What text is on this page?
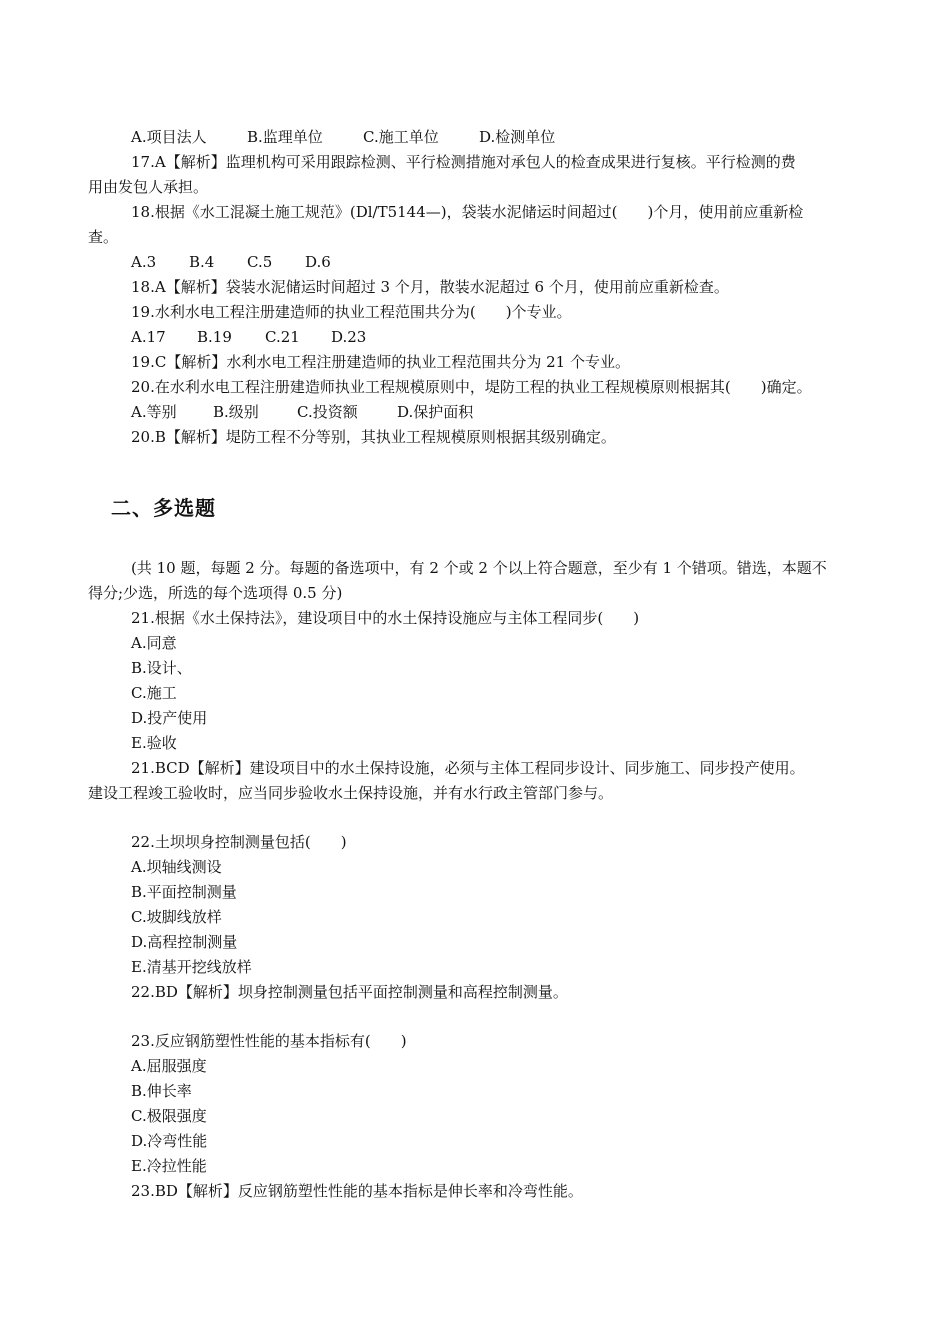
A.项目法人	B.监理单位	C.施工单位	D.检测单位
17.A【解析】监理机构可采用跟踪检测、平行检测措施对承包人的检查成果进行复核。平行检测的费
用由发包人承担。
18.根据《水工混凝土施工规范》(Dl/T5144—)，袋装水泥储运时间超过(　　)个月，使用前应重新检
查。
A.3 B.4 C.5 D.6
18.A【解析】袋装水泥储运时间超过 3 个月，散装水泥超过 6 个月，使用前应重新检查。
19.水利水电工程注册建造师的执业工程范围共分为(　　)个专业。
A.17 B.19 C.21 D.23
19.C【解析】水利水电工程注册建造师的执业工程范围共分为 21 个专业。
20.在水利水电工程注册建造师执业工程规模原则中，堤防工程的执业工程规模原则根据其(　　)确定。
A.等别 B.级别	C.投资额	D.保护面积
20.B【解析】堤防工程不分等别，其执业工程规模原则根据其级别确定。
二、多选题
(共 10 题，每题 2 分。每题的备选项中，有 2 个或 2 个以上符合题意，至少有 1 个错项。错选，本题不
得分;少选，所选的每个选项得 0.5 分)
21.根据《水土保持法》，建设项目中的水土保持设施应与主体工程同步(　　)
A.同意
B.设计、
C.施工
D.投产使用
E.验收
21.BCD【解析】建设项目中的水土保持设施，必须与主体工程同步设计、同步施工、同步投产使用。
建设工程竣工验收时，应当同步验收水土保持设施，并有水行政主管部门参与。
22.土坝坝身控制测量包括(　　)
A.坝轴线测设
B.平面控制测量
C.坡脚线放样
D.高程控制测量
E.清基开挖线放样
22.BD【解析】坝身控制测量包括平面控制测量和高程控制测量。
23.反应钢筋塑性性能的基本指标有(　　)
A.屈服强度
B.伸长率
C.极限强度
D.冷弯性能
E.冷拉性能
23.BD【解析】反应钢筋塑性性能的基本指标是伸长率和冷弯性能。
